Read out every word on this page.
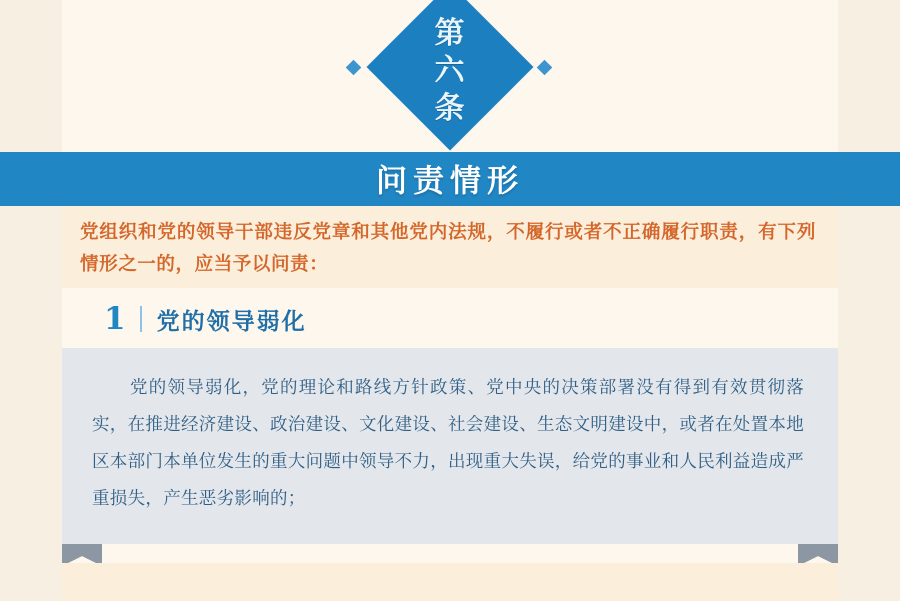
第
六
条
问责情形
党组织和党的领导干部违反党章和其他党内法规，不履行或者不正确履行职责，有下列情形之一的，应当予以问责：
1 党的领导弱化
党的领导弱化，党的理论和路线方针政策、党中央的决策部署没有得到有效贯彻落实，在推进经济建设、政治建设、文化建设、社会建设、生态文明建设中，或者在处置本地区本部门本单位发生的重大问题中领导不力，出现重大失误，给党的事业和人民利益造成严重损失，产生恶劣影响的；
